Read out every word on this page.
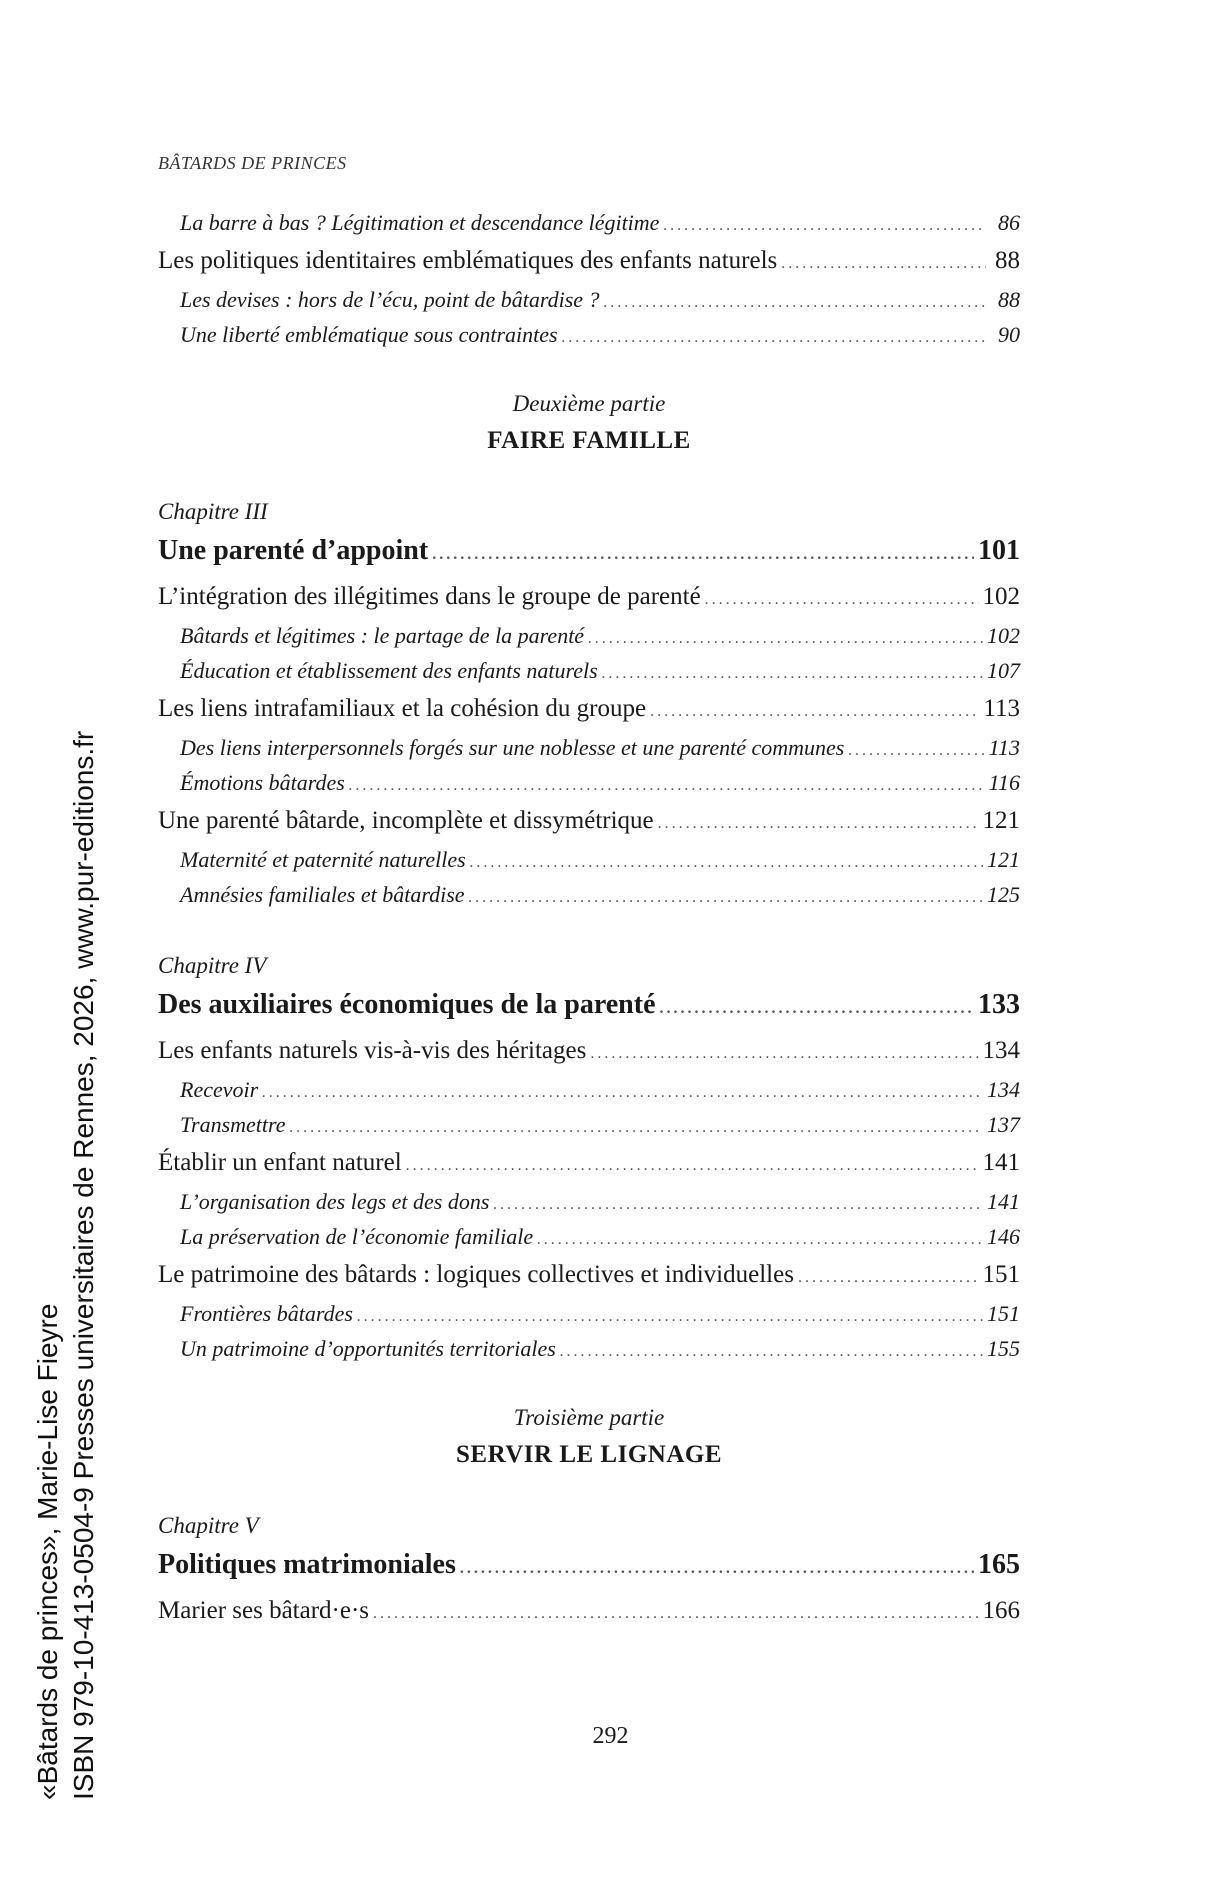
BÂTARDS DE PRINCES
La barre à bas ? Légitimation et descendance légitime .....	86
Les politiques identitaires emblématiques des enfants naturels .....	88
Les devises : hors de l’écu, point de bâtardise ? .....	88
Une liberté emblématique sous contraintes .....	90
Deuxième partie
FAIRE FAMILLE
Chapitre III
Une parenté d’appoint .....	101
L’intégration des illégitimes dans le groupe de parenté .....	102
Bâtards et légitimes : le partage de la parenté .....	102
Éducation et établissement des enfants naturels .....	107
Les liens intrafamiliaux et la cohésion du groupe .....	113
Des liens interpersonnels forgés sur une noblesse et une parenté communes .....	113
Émotions bâtardes .....	116
Une parenté bâtarde, incomplète et dissymétrique .....	121
Maternité et paternité naturelles .....	121
Amnésies familiales et bâtardise .....	125
Chapitre IV
Des auxiliaires économiques de la parenté .....	133
Les enfants naturels vis-à-vis des héritages .....	134
Recevoir .....	134
Transmettre .....	137
Établir un enfant naturel .....	141
L’organisation des legs et des dons .....	141
La préservation de l’économie familiale .....	146
Le patrimoine des bâtards : logiques collectives et individuelles .....	151
Frontières bâtardes .....	151
Un patrimoine d’opportunités territoriales .....	155
Troisième partie
SERVIR LE LIGNAGE
Chapitre V
Politiques matrimoniales .....	165
Marier ses bâtard·e·s .....	166
292
«Bâtards de princes», Marie-Lise Fieyre ISBN 979-10-413-0504-9 Presses universitaires de Rennes, 2026, www.pur-editions.fr
